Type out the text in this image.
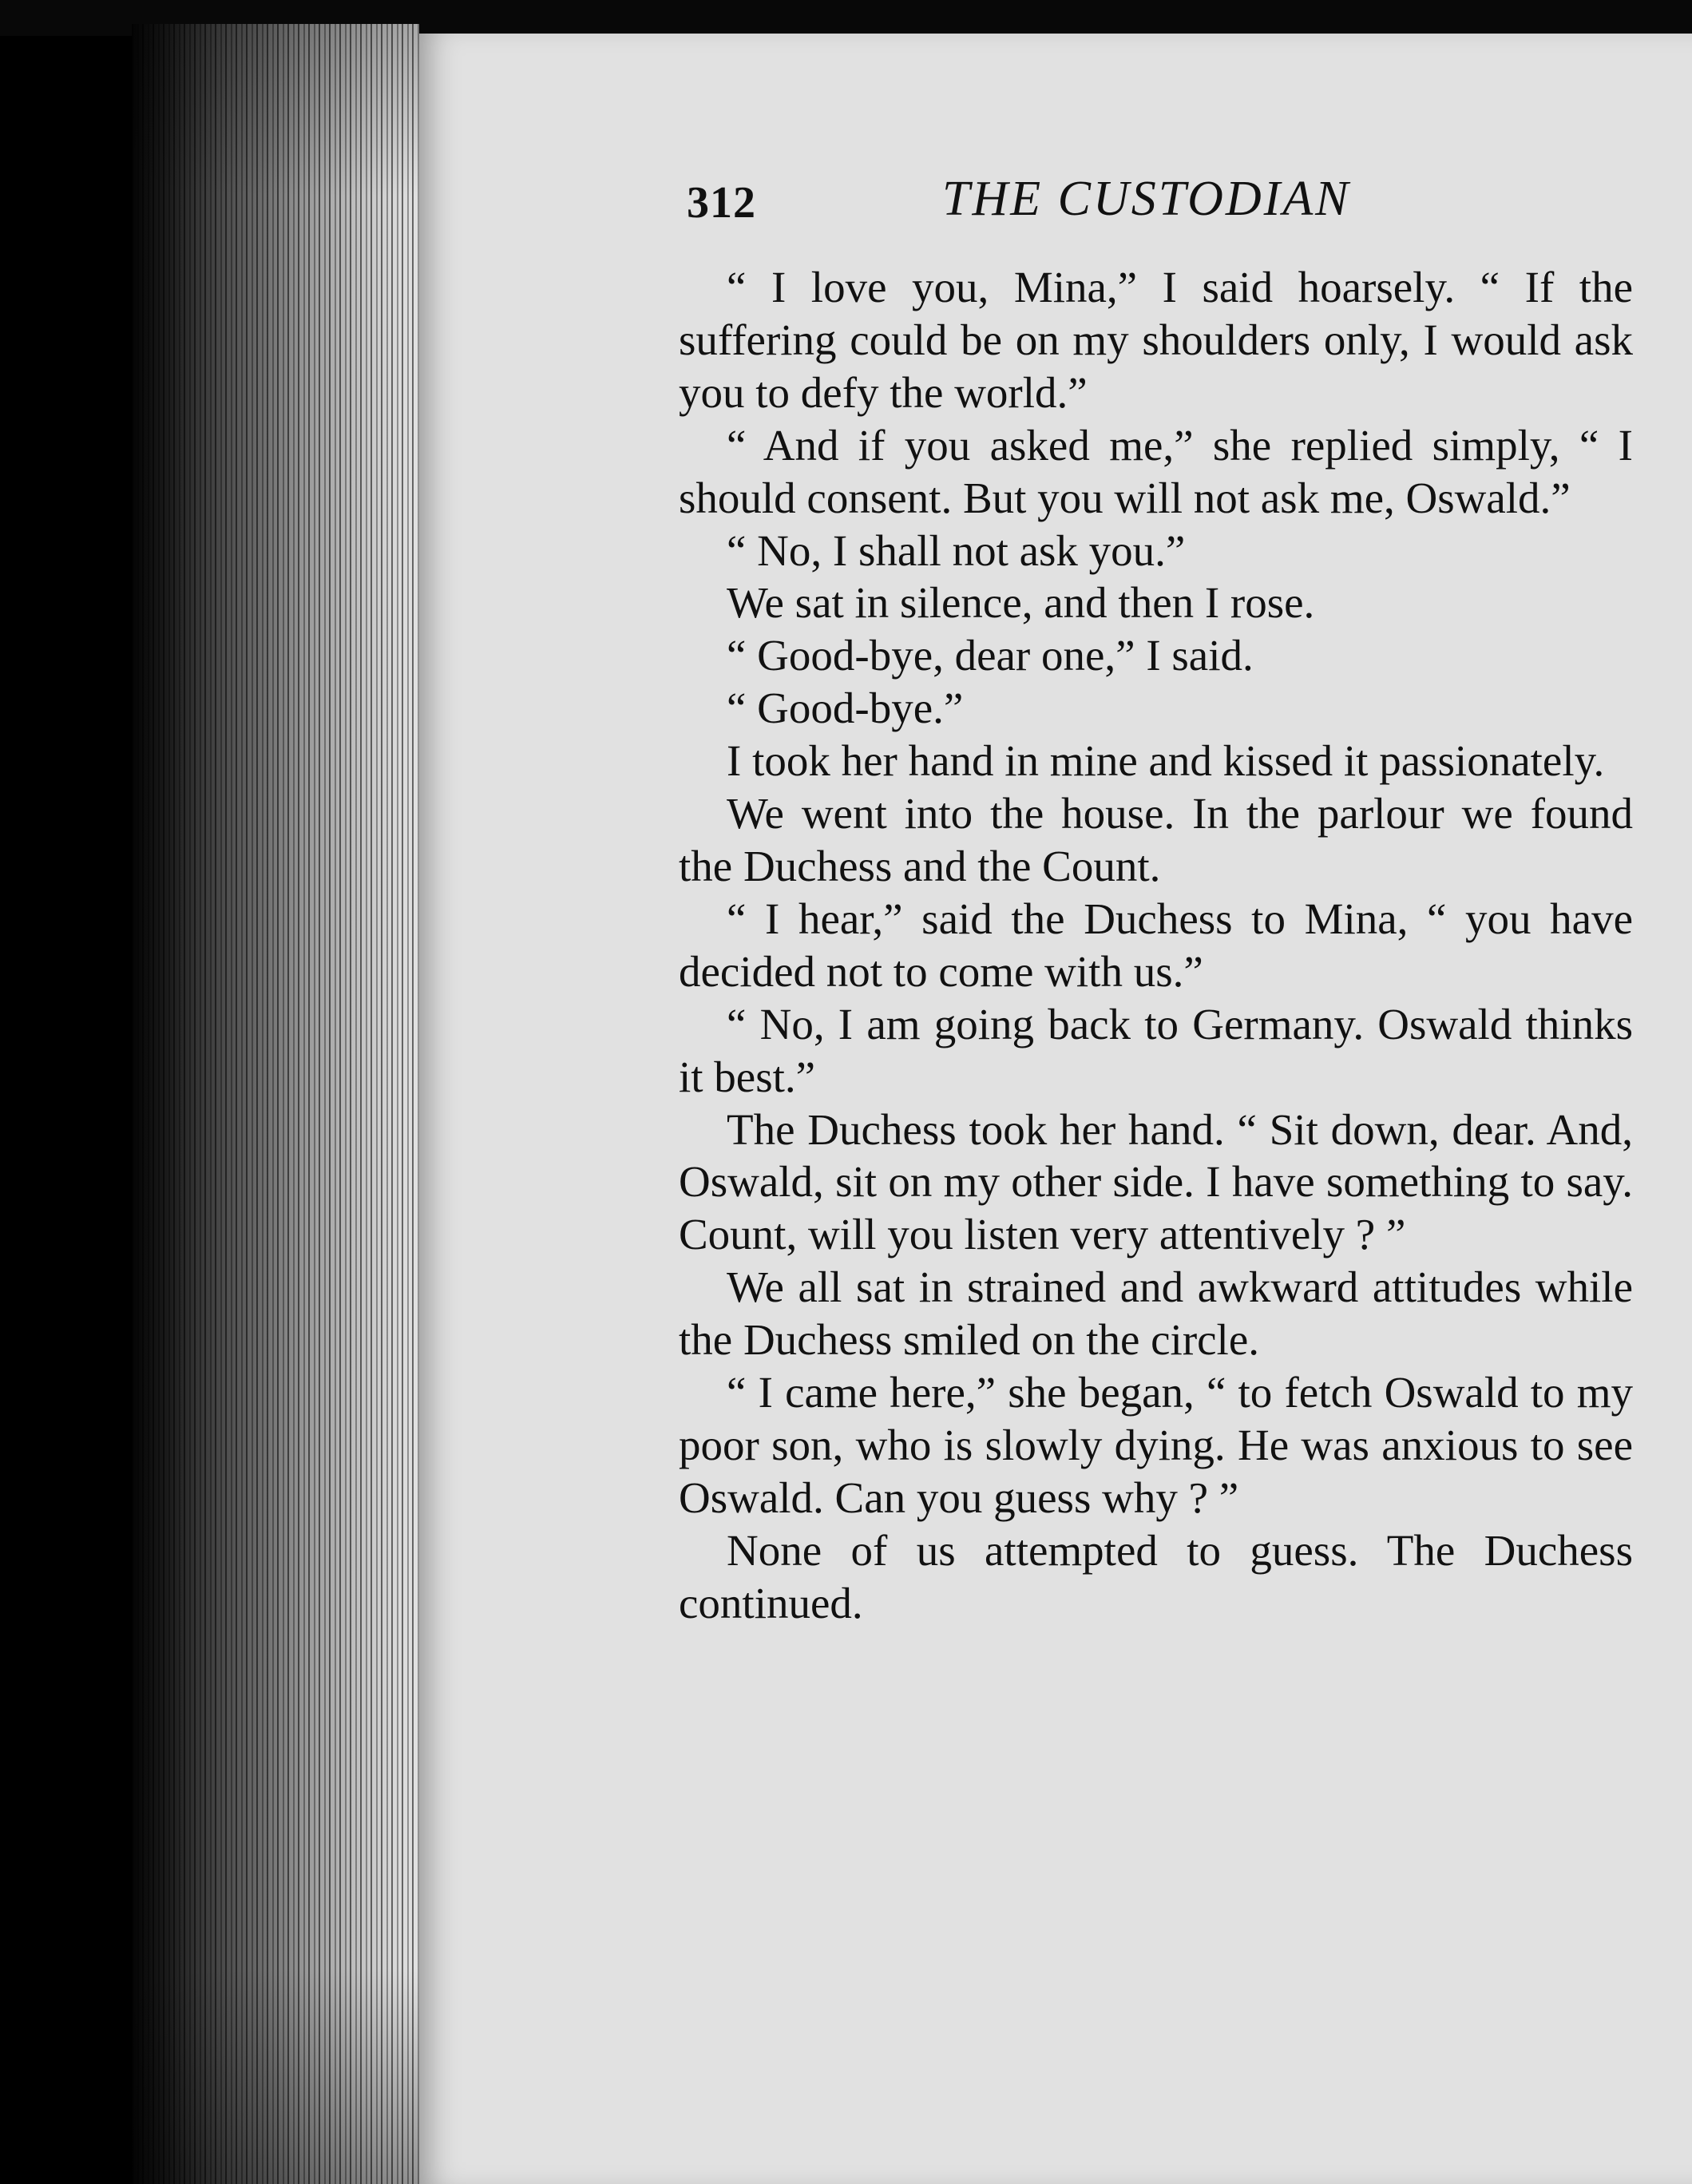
312	THE CUSTODIAN

“ I love you, Mina,” I said hoarsely. “ If the suffering could be on my shoulders only, I would ask you to defy the world.”

“ And if you asked me,” she replied simply, “ I should consent. But you will not ask me, Oswald.”

“ No, I shall not ask you.”

We sat in silence, and then I rose.

“ Good-bye, dear one,” I said.

“ Good-bye.”

I took her hand in mine and kissed it passionately.

We went into the house. In the parlour we found the Duchess and the Count.

“ I hear,” said the Duchess to Mina, “ you have decided not to come with us.”

“ No, I am going back to Germany. Oswald thinks it best.”

The Duchess took her hand. “ Sit down, dear. And, Oswald, sit on my other side. I have something to say. Count, will you listen very attentively ? ”

We all sat in strained and awkward attitudes while the Duchess smiled on the circle.

“ I came here,” she began, “ to fetch Oswald to my poor son, who is slowly dying. He was anxious to see Oswald. Can you guess why ? ”

None of us attempted to guess. The Duchess continued.
